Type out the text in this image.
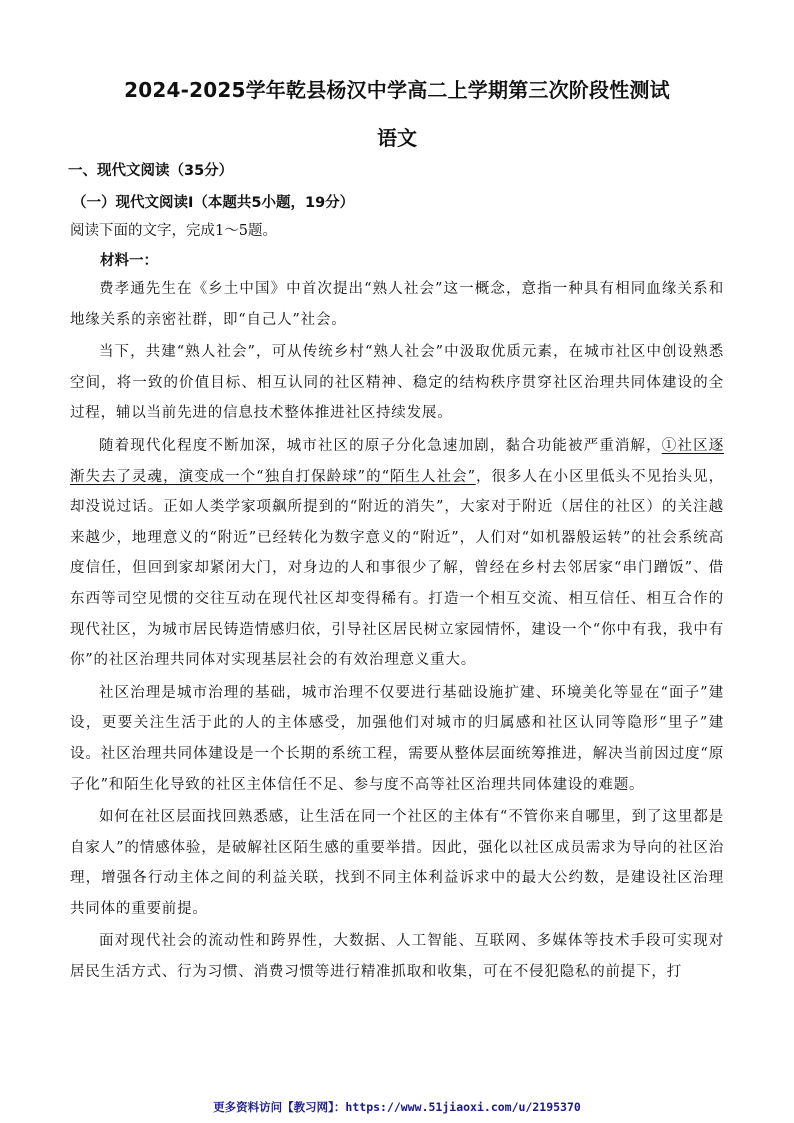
2024-2025学年乾县杨汉中学高二上学期第三次阶段性测试
语文
一、现代文阅读（35分）
（一）现代文阅读Ⅰ（本题共5小题，19分）
阅读下面的文字，完成1～5题。
材料一：

费孝通先生在《乡土中国》中首次提出“熟人社会”这一概念，意指一种具有相同血缘关系和地缘关系的亲密社群，即“自己人”社会。

当下，共建“熟人社会”，可从传统乡村“熟人社会”中汲取优质元素，在城市社区中创设熟悉空间，将一致的价值目标、相互认同的社区精神、稳定的结构秩序贯穿社区治理共同体建设的全过程，辅以当前先进的信息技术整体推进社区持续发展。

随着现代化程度不断加深，城市社区的原子分化急速加剧，黏合功能被严重消解，①社区逐渐失去了灵魂，演变成一个“独自打保龄球”的“陌生人社会”，很多人在小区里低头不见抬头见，却没说过话。正如人类学家项飙所提到的“附近的消失”，大家对于附近（居住的社区）的关注越来越少，地理意义的“附近”已经转化为数字意义的“附近”，人们对“如机器般运转”的社会系统高度信任，但回到家却紧闭大门，对身边的人和事很少了解，曾经在乡村去邻居家“串门蹭饭”、借东西等司空见惯的交往互动在现代社区却变得稀有。打造一个相互交流、相互信任、相互合作的现代社区，为城市居民铸造情感归依，引导社区居民树立家园情怀，建设一个“你中有我，我中有你”的社区治理共同体对实现基层社会的有效治理意义重大。

社区治理是城市治理的基础，城市治理不仅要进行基础设施扩建、环境美化等显在“面子”建设，更要关注生活于此的人的主体感受，加强他们对城市的归属感和社区认同等隐形“里子”建设。社区治理共同体建设是一个长期的系统工程，需要从整体层面统筹推进，解决当前因过度“原子化”和陌生化导致的社区主体信任不足、参与度不高等社区治理共同体建设的难题。

如何在社区层面找回熟悉感，让生活在同一个社区的主体有“不管你来自哪里，到了这里都是自家人”的情感体验，是破解社区陌生感的重要举措。因此，强化以社区成员需求为导向的社区治理，增强各行动主体之间的利益关联，找到不同主体利益诉求中的最大公约数，是建设社区治理共同体的重要前提。

面对现代社会的流动性和跨界性，大数据、人工智能、互联网、多媒体等技术手段可实现对居民生活方式、行为习惯、消费习惯等进行精准抓取和收集，可在不侵犯隐私的前提下，打

更多资料访问【教习网】：https://www.51jiaoxi.com/u/2195370
